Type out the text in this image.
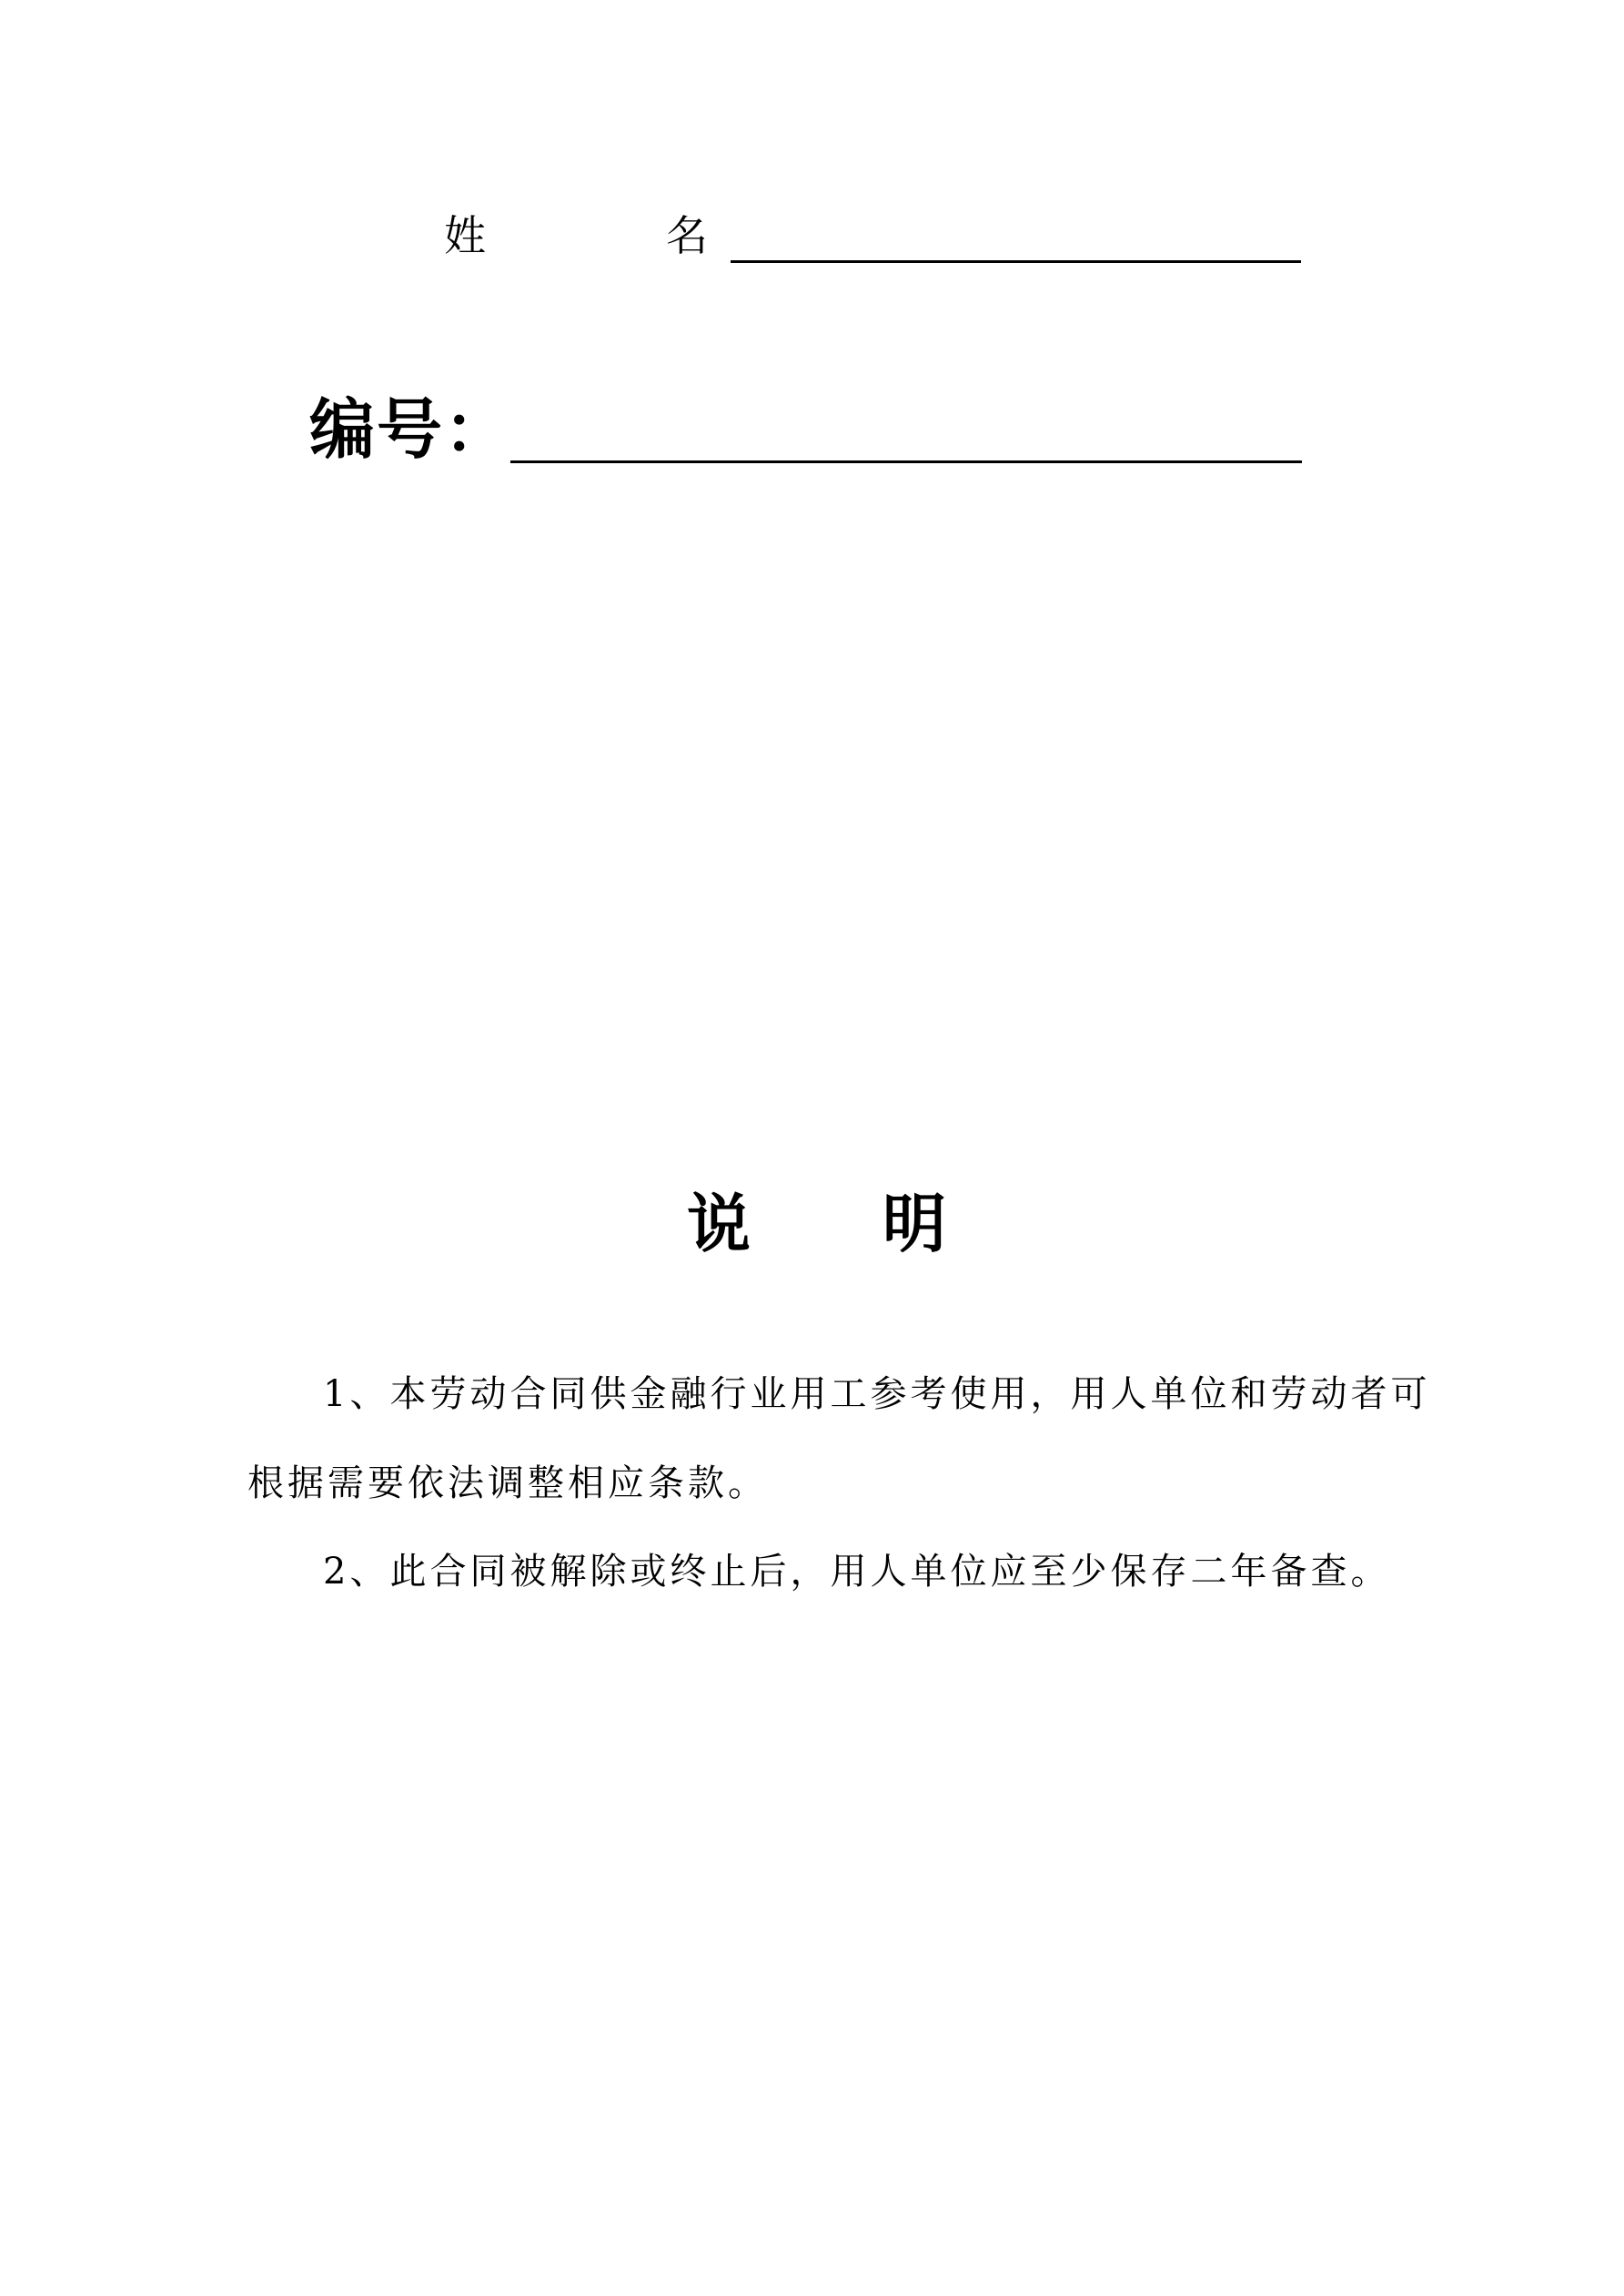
姓	名
编号：
说 明
1、本劳动合同供金融行业用工参考使用，用人单位和劳动者可
根据需要依法调整相应条款。
2、此合同被解除或终止后，用人单位应至少保存二年备查。
